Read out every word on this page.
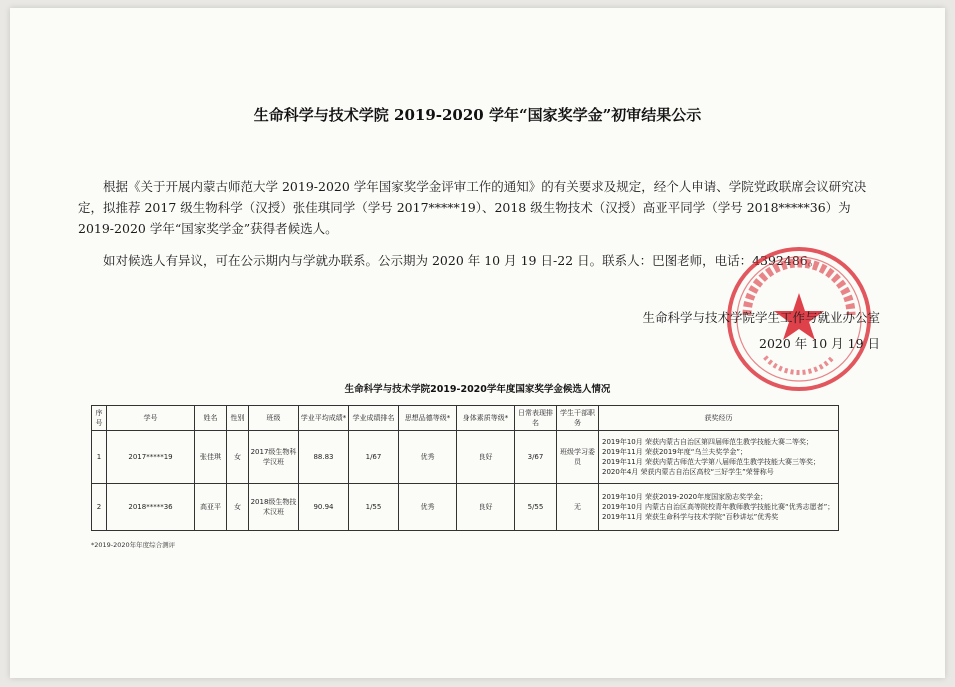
生命科学与技术学院 2019-2020 学年“国家奖学金”初审结果公示
根据《关于开展内蒙古师范大学 2019-2020 学年国家奖学金评审工作的通知》的有关要求及规定，经个人申请、学院党政联席会议研究决定，拟推荐 2017 级生物科学（汉授）张佳琪同学（学号 2017*****19）、2018 级生物技术（汉授）高亚平同学（学号 2018*****36）为 2019-2020 学年“国家奖学金”获得者候选人。
如对候选人有异议，可在公示期内与学就办联系。公示期为 2020 年 10 月 19 日-22 日。联系人：巴图老师，电话：4392486。
生命科学与技术学院学生工作与就业办公室
2020 年 10 月 19 日
生命科学与技术学院2019-2020学年度国家奖学金候选人情况
序号	学号	姓名	性别	班级	学业平均成绩*	学业成绩排名	思想品德等级*	身体素质等级*	日常表现排名	学生干部职务	获奖经历
1	2017*****19	张佳琪	女	2017级生物科学汉班	88.83	1/67	优秀	良好	3/67	班级学习委员	2019年10月 荣获内蒙古自治区第四届师范生教学技能大赛二等奖；
2019年11月 荣获2019年度“乌兰夫奖学金”；
2019年11月 荣获内蒙古师范大学第八届师范生教学技能大赛三等奖；
2020年4月 荣获内蒙古自治区高校“三好学生”荣誉称号

2	2018*****36	高亚平	女	2018级生物技术汉班	90.94	1/55	优秀	良好	5/55	无	2019年10月 荣获2019-2020年度国家励志奖学金；
2019年10月 内蒙古自治区高等院校青年教师教学技能比赛“优秀志愿者”；
2019年11月 荣获生命科学与技术学院“百秒讲坛”优秀奖
*2019-2020年年度综合测评
